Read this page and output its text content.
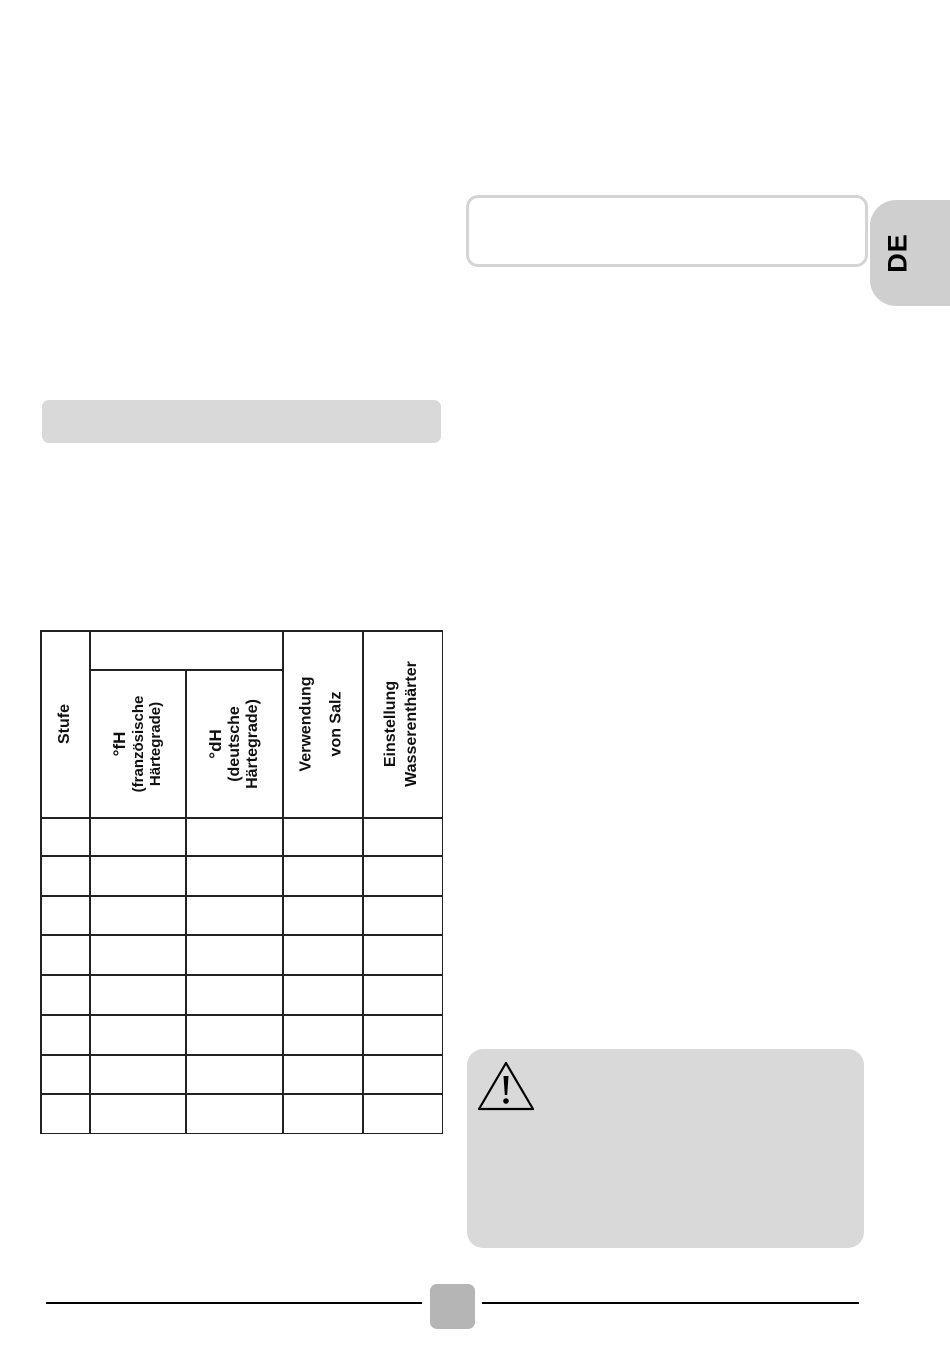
DE
Stufe
°fH (französische Härtegrade) °dH (deutsche Härtegrade)	Verwendung von Salz	Einstellung Wasserenthärter
